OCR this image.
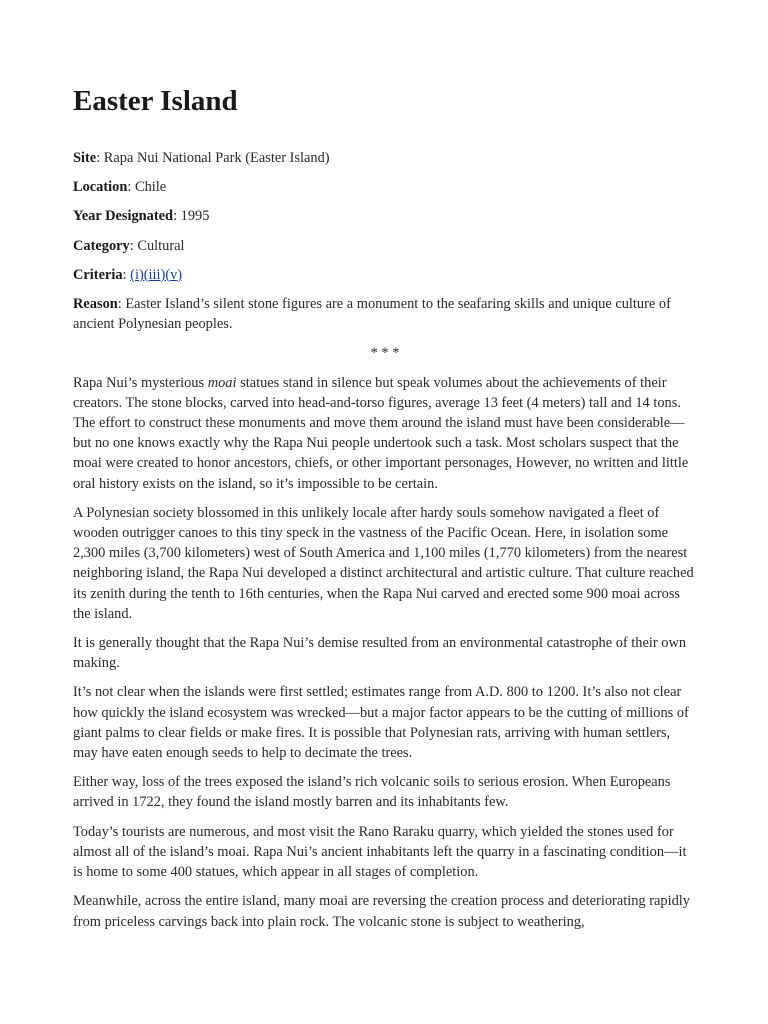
Easter Island

Site: Rapa Nui National Park (Easter Island)

Location: Chile

Year Designated: 1995

Category: Cultural

Criteria: (i)(iii)(v)

Reason: Easter Island’s silent stone figures are a monument to the seafaring skills and unique culture of ancient Polynesian peoples.

* * *

Rapa Nui’s mysterious moai statues stand in silence but speak volumes about the achievements of their creators. The stone blocks, carved into head-and-torso figures, average 13 feet (4 meters) tall and 14 tons. The effort to construct these monuments and move them around the island must have been considerable—but no one knows exactly why the Rapa Nui people undertook such a task. Most scholars suspect that the moai were created to honor ancestors, chiefs, or other important personages, However, no written and little oral history exists on the island, so it’s impossible to be certain.

A Polynesian society blossomed in this unlikely locale after hardy souls somehow navigated a fleet of wooden outrigger canoes to this tiny speck in the vastness of the Pacific Ocean. Here, in isolation some 2,300 miles (3,700 kilometers) west of South America and 1,100 miles (1,770 kilometers) from the nearest neighboring island, the Rapa Nui developed a distinct architectural and artistic culture. That culture reached its zenith during the tenth to 16th centuries, when the Rapa Nui carved and erected some 900 moai across the island.

It is generally thought that the Rapa Nui’s demise resulted from an environmental catastrophe of their own making.

It’s not clear when the islands were first settled; estimates range from A.D. 800 to 1200. It’s also not clear how quickly the island ecosystem was wrecked—but a major factor appears to be the cutting of millions of giant palms to clear fields or make fires. It is possible that Polynesian rats, arriving with human settlers, may have eaten enough seeds to help to decimate the trees.

Either way, loss of the trees exposed the island’s rich volcanic soils to serious erosion. When Europeans arrived in 1722, they found the island mostly barren and its inhabitants few.

Today’s tourists are numerous, and most visit the Rano Raraku quarry, which yielded the stones used for almost all of the island’s moai. Rapa Nui’s ancient inhabitants left the quarry in a fascinating condition—it is home to some 400 statues, which appear in all stages of completion.

Meanwhile, across the entire island, many moai are reversing the creation process and deteriorating rapidly from priceless carvings back into plain rock. The volcanic stone is subject to weathering,
